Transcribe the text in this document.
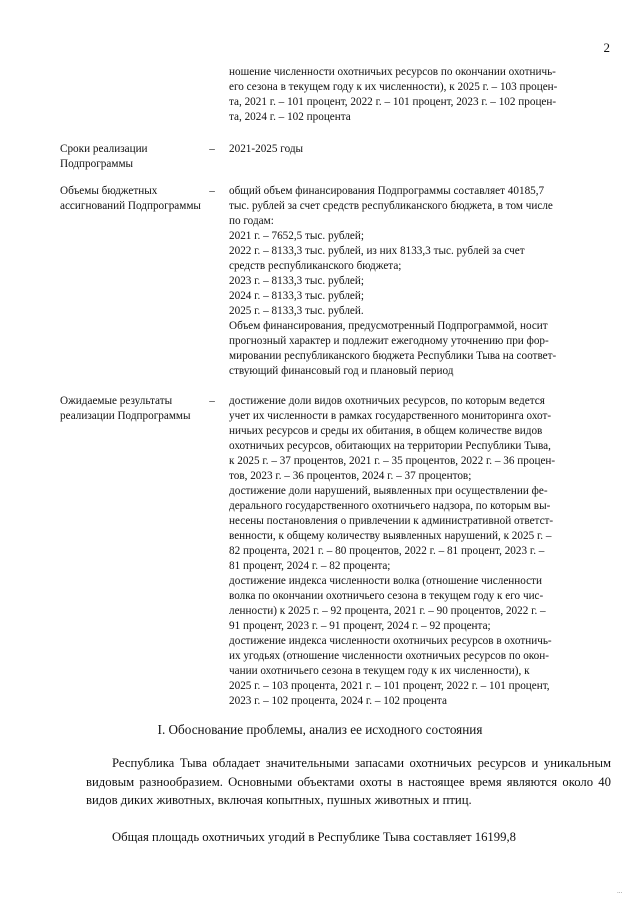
2
ношение численности охотничьих ресурсов по окончании охотничь-
его сезона в текущем году к их численности), к 2025 г. – 103 процен-
та, 2021 г. – 101 процент, 2022 г. – 101 процент, 2023 г. – 102 процен-
та, 2024 г. – 102 процента
Сроки реализации Подпрограммы
– 2021-2025 годы
Объемы бюджетных ассигнований Подпрограммы
– общий объем финансирования Подпрограммы составляет 40185,7
тыс. рублей за счет средств республиканского бюджета, в том числе
по годам:
2021 г. – 7652,5 тыс. рублей;
2022 г. – 8133,3 тыс. рублей, из них 8133,3 тыс. рублей за счет
средств республиканского бюджета;
2023 г. – 8133,3 тыс. рублей;
2024 г. – 8133,3 тыс. рублей;
2025 г. – 8133,3 тыс. рублей.
Объем финансирования, предусмотренный Подпрограммой, носит
прогнозный характер и подлежит ежегодному уточнению при фор-
мировании республиканского бюджета Республики Тыва на соответ-
ствующий финансовый год и плановый период
Ожидаемые результаты реализации Подпрограммы
– достижение доли видов охотничьих ресурсов, по которым ведется
учет их численности в рамках государственного мониторинга охот-
ничьих ресурсов и среды их обитания, в общем количестве видов
охотничьих ресурсов, обитающих на территории Республики Тыва,
к 2025 г. – 37 процентов, 2021 г. – 35 процентов, 2022 г. – 36 процен-
тов, 2023 г. – 36 процентов, 2024 г. – 37 процентов;
достижение доли нарушений, выявленных при осуществлении фе-
дерального государственного охотничьего надзора, по которым вы-
несены постановления о привлечении к административной ответст-
венности, к общему количеству выявленных нарушений, к 2025 г. –
82 процента, 2021 г. – 80 процентов, 2022 г. – 81 процент, 2023 г. –
81 процент, 2024 г. – 82 процента;
достижение индекса численности волка (отношение численности
волка по окончании охотничьего сезона в текущем году к его чис-
ленности) к 2025 г. – 92 процента, 2021 г. – 90 процентов, 2022 г. –
91 процент, 2023 г. – 91 процент, 2024 г. – 92 процента;
достижение индекса численности охотничьих ресурсов в охотничь-
их угодьях (отношение численности охотничьих ресурсов по окон-
чании охотничьего сезона в текущем году к их численности), к
2025 г. – 103 процента, 2021 г. – 101 процент, 2022 г. – 101 процент,
2023 г. – 102 процента, 2024 г. – 102 процента
I. Обоснование проблемы, анализ ее исходного состояния

Республика Тыва обладает значительными запасами охотничьих ресурсов и уникальным видовым разнообразием. Основными объектами охоты в настоящее время являются около 40 видов диких животных, включая копытных, пушных животных и птиц.

Общая площадь охотничьих угодий в Республике Тыва составляет 16199,8

...
